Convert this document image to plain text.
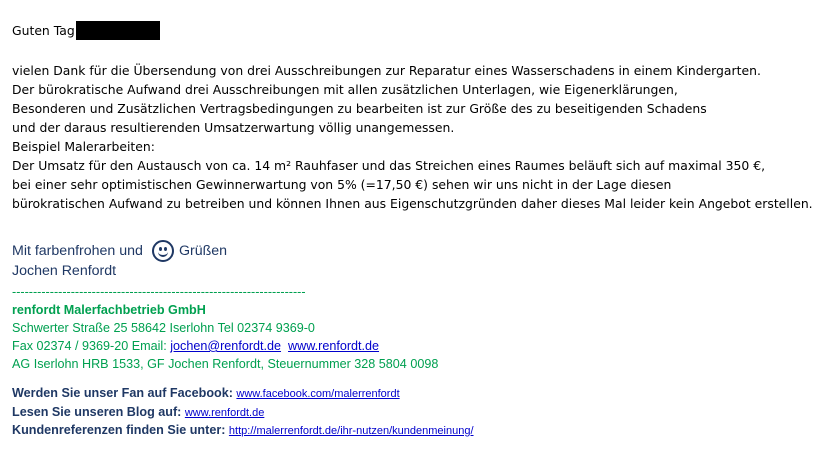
Guten Tag
vielen Dank für die Übersendung von drei Ausschreibungen zur Reparatur eines Wasserschadens in einem Kindergarten.
Der bürokratische Aufwand drei Ausschreibungen mit allen zusätzlichen Unterlagen, wie Eigenerklärungen,
Besonderen und Zusätzlichen Vertragsbedingungen zu bearbeiten ist zur Größe des zu beseitigenden Schadens
und der daraus resultierenden Umsatzerwartung völlig unangemessen.
Beispiel Malerarbeiten:
Der Umsatz für den Austausch von ca. 14 m² Rauhfaser und das Streichen eines Raumes beläuft sich auf maximal 350 €,
bei einer sehr optimistischen Gewinnerwartung von 5% (=17,50 €) sehen wir uns nicht in der Lage diesen
bürokratischen Aufwand zu betreiben und können Ihnen aus Eigenschutzgründen daher dieses Mal leider kein Angebot erstellen.
Mit farbenfrohen und	Grüßen
Jochen Renfordt
----------------------------------------------------------------------
renfordt Malerfachbetrieb GmbH
Schwerter Straße 25 58642 Iserlohn Tel 02374 9369-0
Fax 02374 / 9369-20 Email: jochen@renfordt.de www.renfordt.de
AG Iserlohn HRB 1533, GF Jochen Renfordt, Steuernummer 328 5804 0098
Werden Sie unser Fan auf Facebook: www.facebook.com/malerrenfordt
Lesen Sie unseren Blog auf: www.renfordt.de
Kundenreferenzen finden Sie unter: http://malerrenfordt.de/ihr-nutzen/kundenmeinung/
